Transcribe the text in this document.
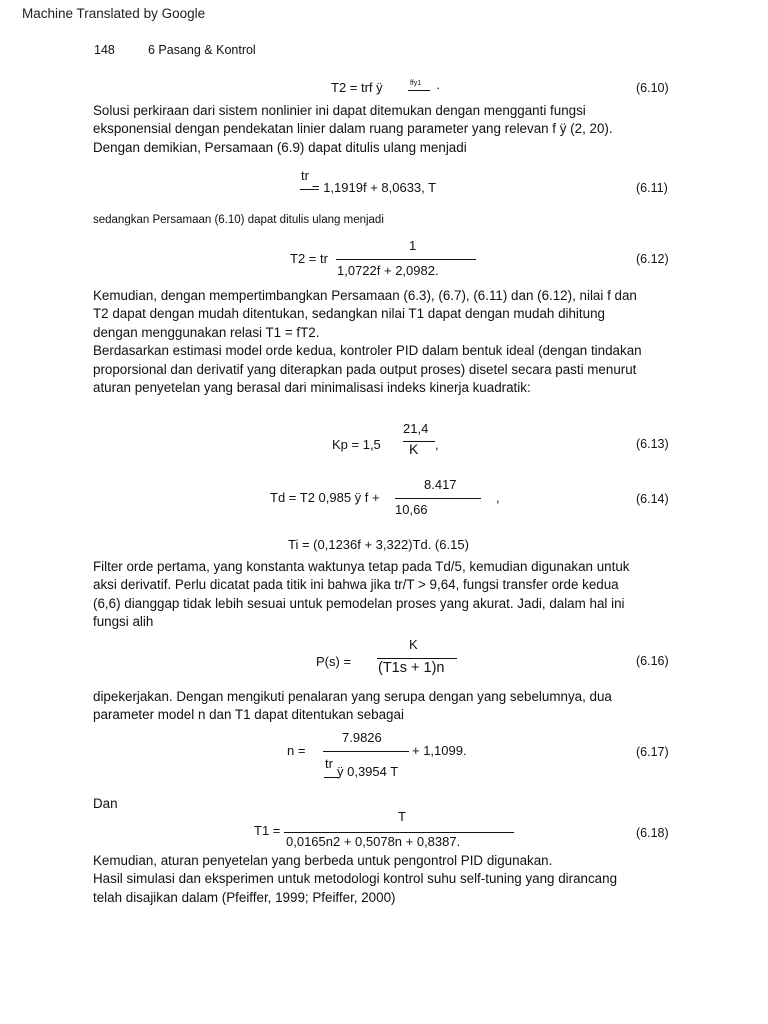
Machine Translated by Google
148	6 Pasang & Kontrol
T2 = trf ÿ	ffy1 ·	(6.10)
Solusi perkiraan dari sistem nonlinier ini dapat ditemukan dengan mengganti fungsi
eksponensial dengan pendekatan linier dalam ruang parameter yang relevan f ÿ (2, 20).
Dengan demikian, Persamaan (6.9) dapat ditulis ulang menjadi
tr
= 1,1919f + 8,0633, T	(6.11)
sedangkan Persamaan (6.10) dapat ditulis ulang menjadi
1
T2 = tr
1,0722f + 2,0982.
(6.12)
Kemudian, dengan mempertimbangkan Persamaan (6.3), (6.7), (6.11) dan (6.12), nilai f dan
T2 dapat dengan mudah ditentukan, sedangkan nilai T1 dapat dengan mudah dihitung
dengan menggunakan relasi T1 = fT2.
Berdasarkan estimasi model orde kedua, kontroler PID dalam bentuk ideal (dengan tindakan
proporsional dan derivatif yang diterapkan pada output proses) disetel secara pasti menurut
aturan penyetelan yang berasal dari minimalisasi indeks kinerja kuadratik:
21,4
Kp = 1,5 K ,	(6.13)
8.417
Td = T2 0,985 ÿ f +
10,66
,	(6.14)
Ti = (0,1236f + 3,322)Td. (6.15)
Filter orde pertama, yang konstanta waktunya tetap pada Td/5, kemudian digunakan untuk
aksi derivatif. Perlu dicatat pada titik ini bahwa jika tr/T > 9,64, fungsi transfer orde kedua
(6,6) dianggap tidak lebih sesuai untuk pemodelan proses yang akurat. Jadi, dalam hal ini
fungsi alih
K
P(s) = (T1s + 1)n	(6.16)
dipekerjakan. Dengan mengikuti penalaran yang serupa dengan yang sebelumnya, dua
parameter model n dan T1 dapat ditentukan sebagai
7.9826
n =	+ 1,1099.
tr
ÿ 0,3954 T
(6.17)
Dan
T
T1 =
0,0165n2 + 0,5078n + 0,8387.
(6.18)
Kemudian, aturan penyetelan yang berbeda untuk pengontrol PID digunakan.
Hasil simulasi dan eksperimen untuk metodologi kontrol suhu self-tuning yang dirancang
telah disajikan dalam (Pfeiffer, 1999; Pfeiffer, 2000)
